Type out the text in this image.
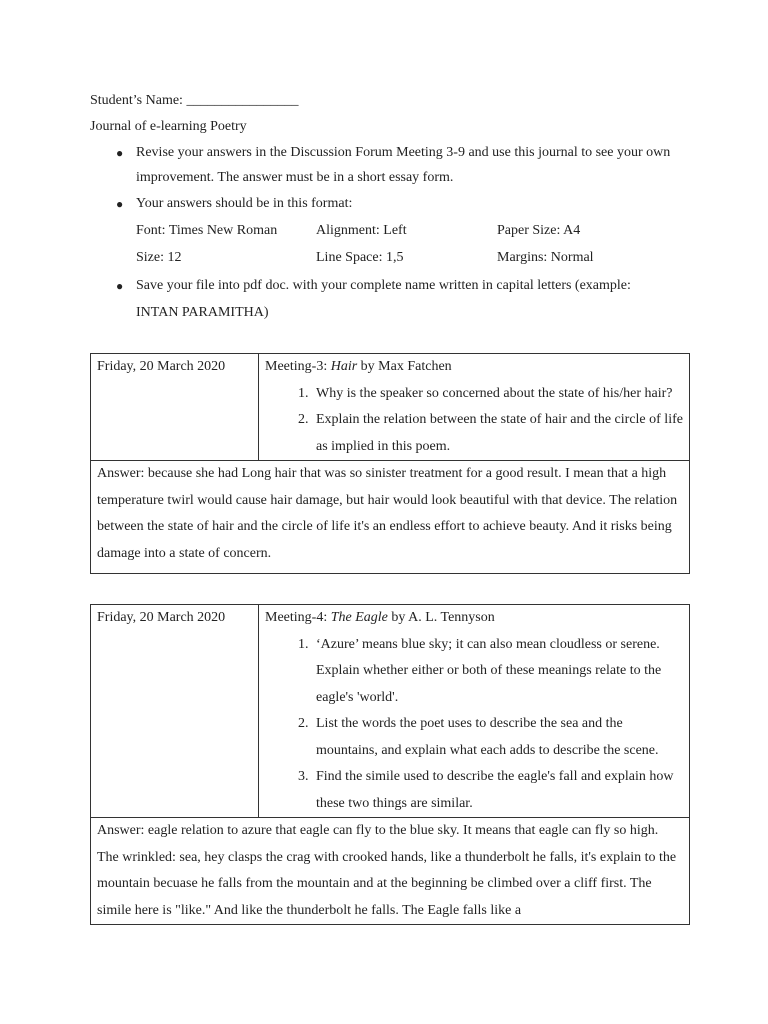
Student’s Name: ________________
Journal of e-learning Poetry
● Revise your answers in the Discussion Forum Meeting 3-9 and use this journal to see your own
improvement. The answer must be in a short essay form.
● Your answers should be in this format:
Font: Times New Roman	Alignment: Left	Paper Size: A4
Size: 12	Line Space: 1,5	Margins: Normal
● Save your file into pdf doc. with your complete name written in capital letters (example:
INTAN PARAMITHA)
Friday, 20 March 2020	Meeting-3: Hair by Max Fatchen
1. Why is the speaker so concerned about the state of his/her hair?
2. Explain the relation between the state of hair and the circle of life as implied in this poem.

Answer: because she had Long hair that was so sinister treatment for a good result. I mean that a high temperature twirl would cause hair damage, but hair would look beautiful with that device. The relation between the state of hair and the circle of life it's an endless effort to achieve beauty. And it risks being damage into a state of concern.
Friday, 20 March 2020	Meeting-4: The Eagle by A. L. Tennyson
1. ‘Azure’ means blue sky; it can also mean cloudless or serene. Explain whether either or both of these meanings relate to the eagle's 'world'.
2. List the words the poet uses to describe the sea and the mountains, and explain what each adds to describe the scene.
3. Find the simile used to describe the eagle's fall and explain how these two things are similar.

Answer: eagle relation to azure that eagle can fly to the blue sky. It means that eagle can fly so high. The wrinkled: sea, hey clasps the crag with crooked hands, like a thunderbolt he falls, it's explain to the mountain becuase he falls from the mountain and at the beginning be climbed over a cliff first. The simile here is "like." And like the thunderbolt he falls. The Eagle falls like a
